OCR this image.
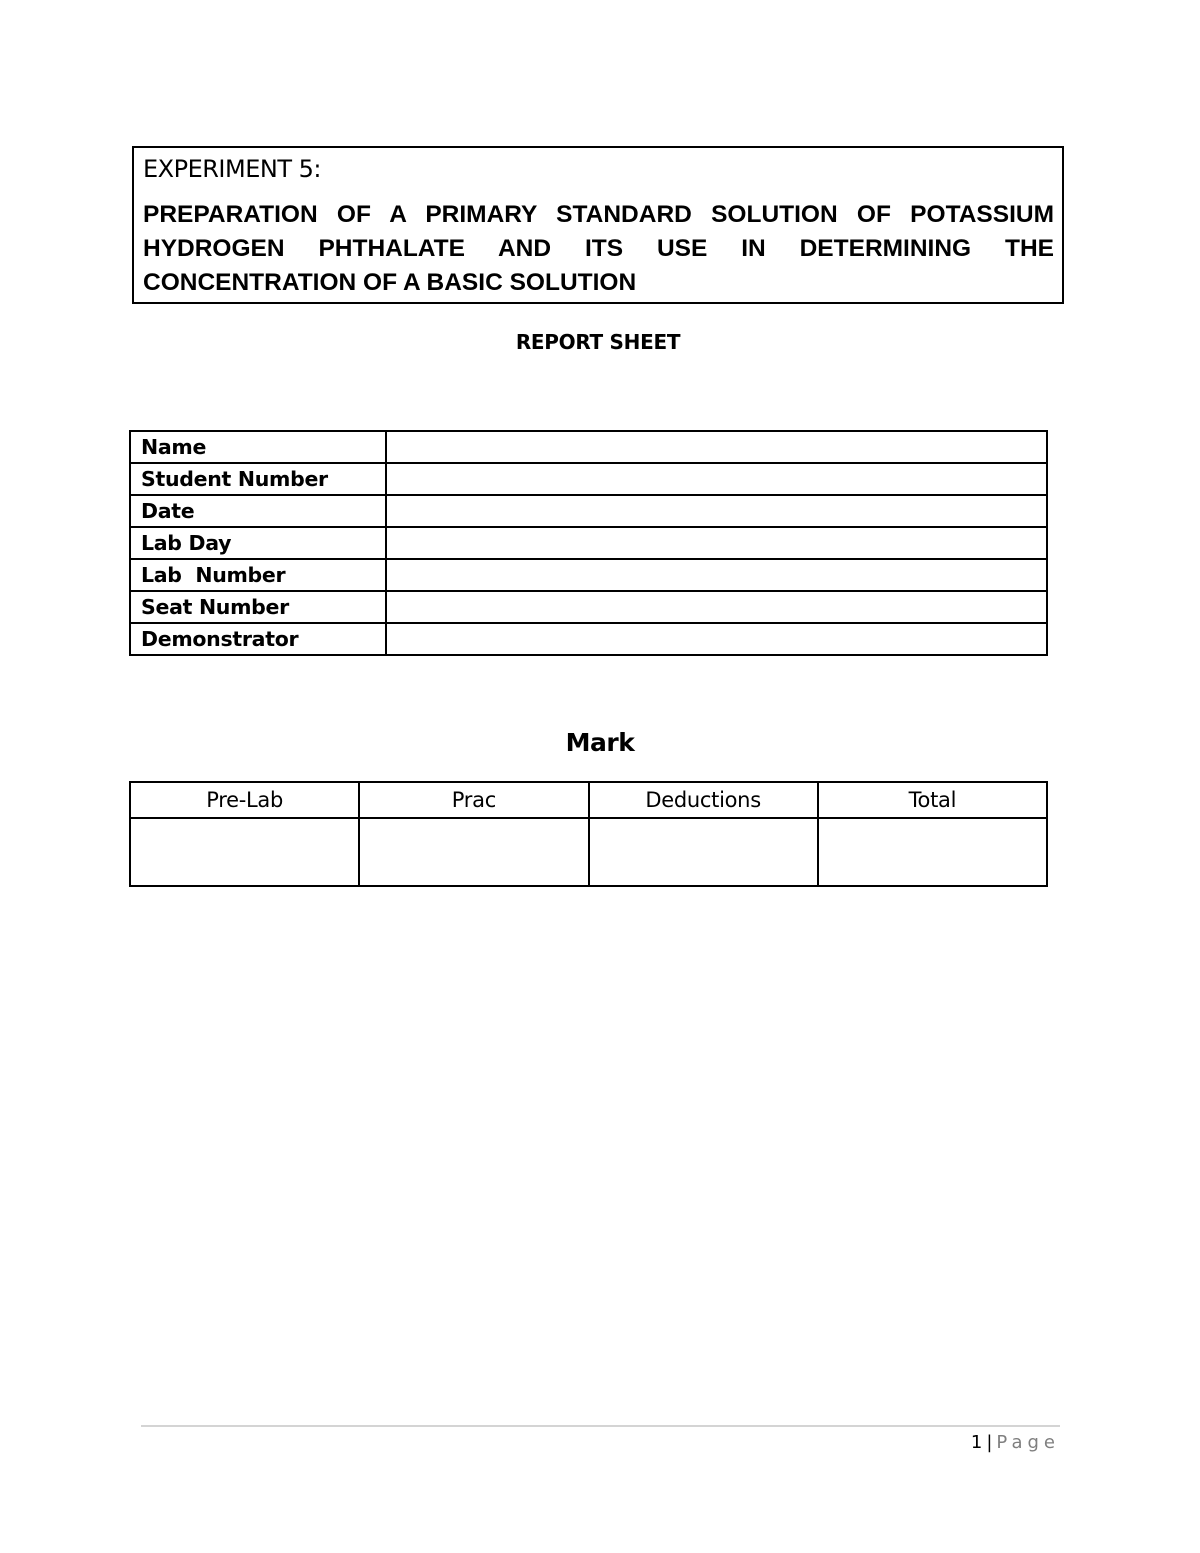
EXPERIMENT 5:

PREPARATION OF A PRIMARY STANDARD SOLUTION OF POTASSIUM HYDROGEN PHTHALATE AND ITS USE IN DETERMINING THE CONCENTRATION OF A BASIC SOLUTION

REPORT SHEET
Name	
Student Number	
Date	
Lab Day	
Lab  Number	
Seat Number	
Demonstrator	
Mark
Pre-Lab	Prac	Deductions	Total

1 | Page
